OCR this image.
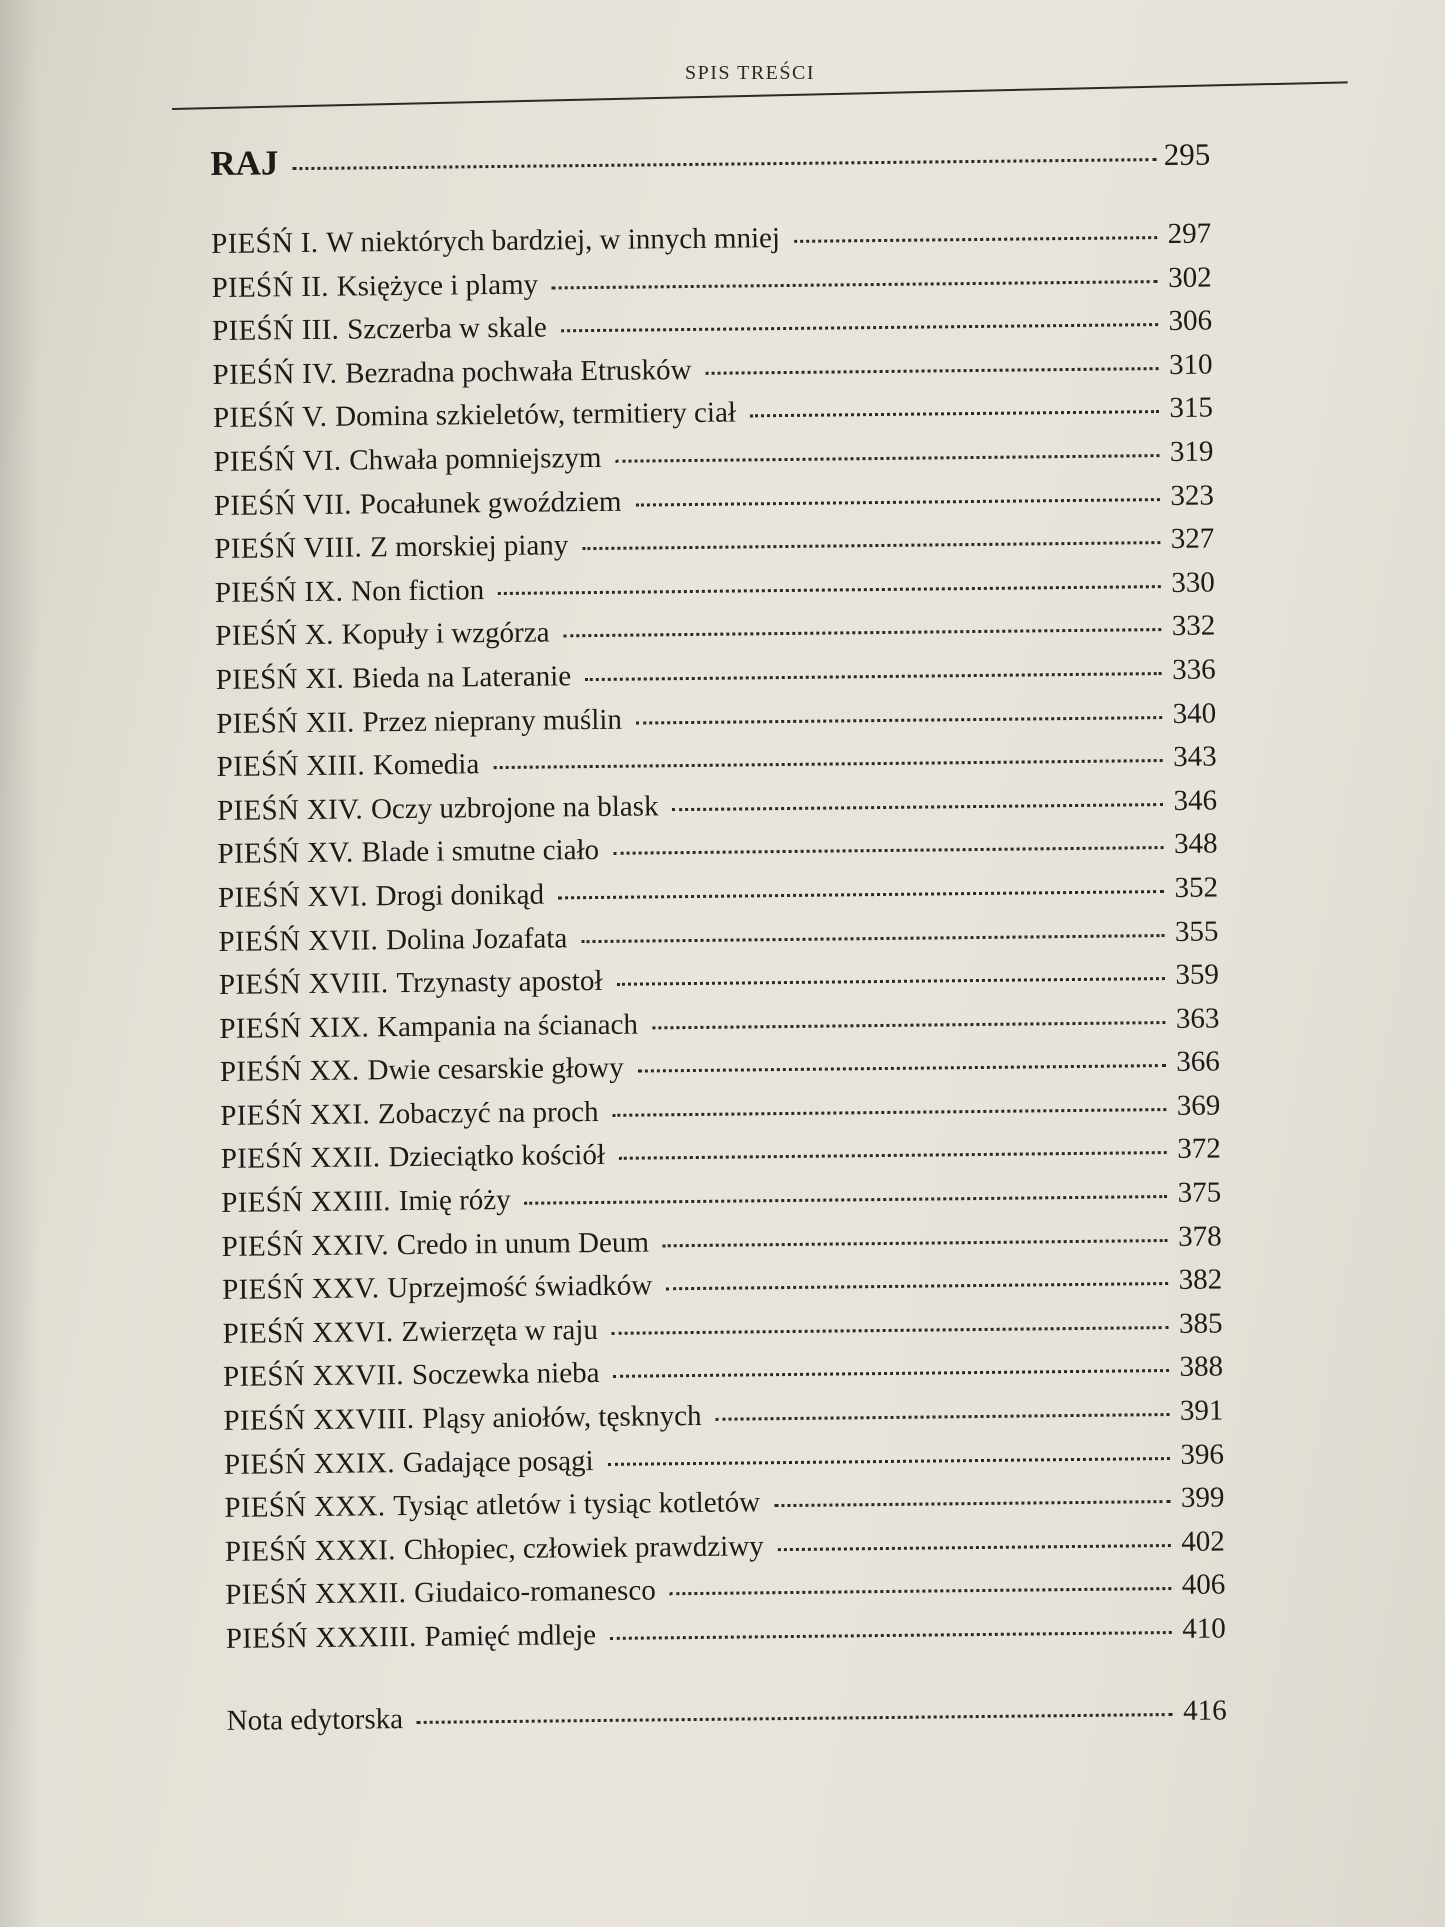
SPIS TREŚCI
RAJ	295
PIEŚŃ I. W niektórych bardziej, w innych mniej	297
PIEŚŃ II. Księżyce i plamy	302
PIEŚŃ III. Szczerba w skale	306
PIEŚŃ IV. Bezradna pochwała Etrusków	310
PIEŚŃ V. Domina szkieletów, termitiery ciał	315
PIEŚŃ VI. Chwała pomniejszym	319
PIEŚŃ VII. Pocałunek gwoździem	323
PIEŚŃ VIII. Z morskiej piany	327
PIEŚŃ IX. Non fiction	330
PIEŚŃ X. Kopuły i wzgórza	332
PIEŚŃ XI. Bieda na Lateranie	336
PIEŚŃ XII. Przez nieprany muślin	340
PIEŚŃ XIII. Komedia	343
PIEŚŃ XIV. Oczy uzbrojone na blask	346
PIEŚŃ XV. Blade i smutne ciało	348
PIEŚŃ XVI. Drogi donikąd	352
PIEŚŃ XVII. Dolina Jozafata	355
PIEŚŃ XVIII. Trzynasty apostoł	359
PIEŚŃ XIX. Kampania na ścianach	363
PIEŚŃ XX. Dwie cesarskie głowy	366
PIEŚŃ XXI. Zobaczyć na proch	369
PIEŚŃ XXII. Dzieciątko kościół	372
PIEŚŃ XXIII. Imię róży	375
PIEŚŃ XXIV. Credo in unum Deum	378
PIEŚŃ XXV. Uprzejmość świadków	382
PIEŚŃ XXVI. Zwierzęta w raju	385
PIEŚŃ XXVII. Soczewka nieba	388
PIEŚŃ XXVIII. Pląsy aniołów, tęsknych	391
PIEŚŃ XXIX. Gadające posągi	396
PIEŚŃ XXX. Tysiąc atletów i tysiąc kotletów	399
PIEŚŃ XXXI. Chłopiec, człowiek prawdziwy	402
PIEŚŃ XXXII. Giudaico-romanesco	406
PIEŚŃ XXXIII. Pamięć mdleje	410
Nota edytorska	416
